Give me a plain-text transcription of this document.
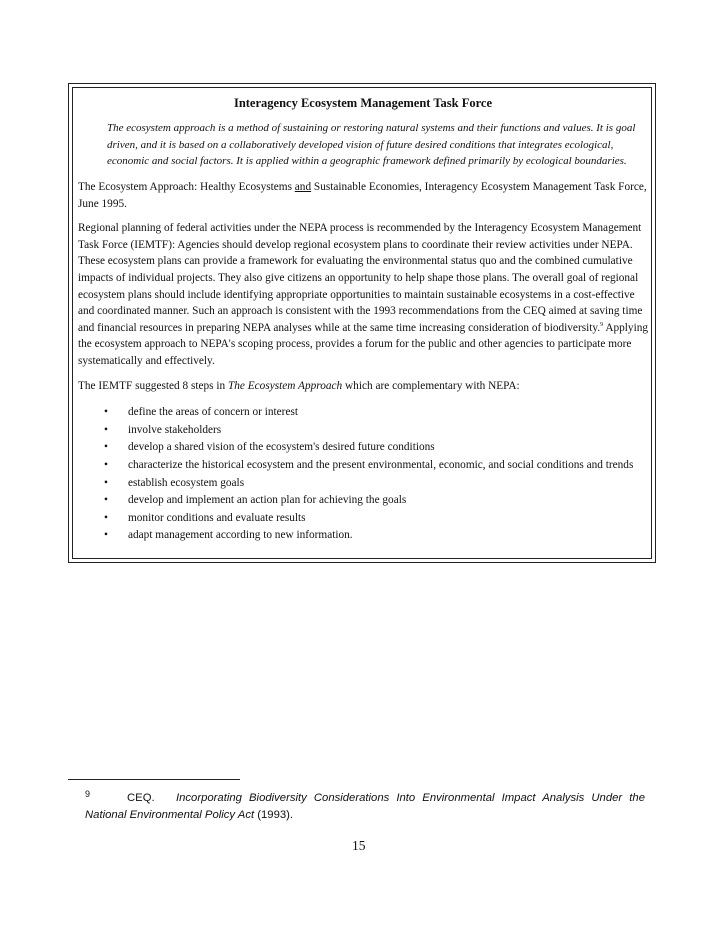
Interagency Ecosystem Management Task Force
The ecosystem approach is a method of sustaining or restoring natural systems and their functions and values. It is goal driven, and it is based on a collaboratively developed vision of future desired conditions that integrates ecological, economic and social factors. It is applied within a geographic framework defined primarily by ecological boundaries.

The Ecosystem Approach: Healthy Ecosystems and Sustainable Economies, Interagency Ecosystem Management Task Force, June 1995.

Regional planning of federal activities under the NEPA process is recommended by the Interagency Ecosystem Management Task Force (IEMTF): Agencies should develop regional ecosystem plans to coordinate their review activities under NEPA. These ecosystem plans can provide a framework for evaluating the environmental status quo and the combined cumulative impacts of individual projects. They also give citizens an opportunity to help shape those plans. The overall goal of regional ecosystem plans should include identifying appropriate opportunities to maintain sustainable ecosystems in a cost-effective and coordinated manner. Such an approach is consistent with the 1993 recommendations from the CEQ aimed at saving time and financial resources in preparing NEPA analyses while at the same time increasing consideration of biodiversity.$^9$ Applying the ecosystem approach to NEPA's scoping process, provides a forum for the public and other agencies to participate more systematically and effectively.

The IEMTF suggested 8 steps in The Ecosystem Approach which are complementary with NEPA:

• define the areas of concern or interest
• involve stakeholders
• develop a shared vision of the ecosystem's desired future conditions
• characterize the historical ecosystem and the present environmental, economic, and social conditions and trends
• establish ecosystem goals
• develop and implement an action plan for achieving the goals
• monitor conditions and evaluate results
• adapt management according to new information.
9	CEQ. Incorporating Biodiversity Considerations Into Environmental Impact Analysis Under the National Environmental Policy Act (1993).
15
